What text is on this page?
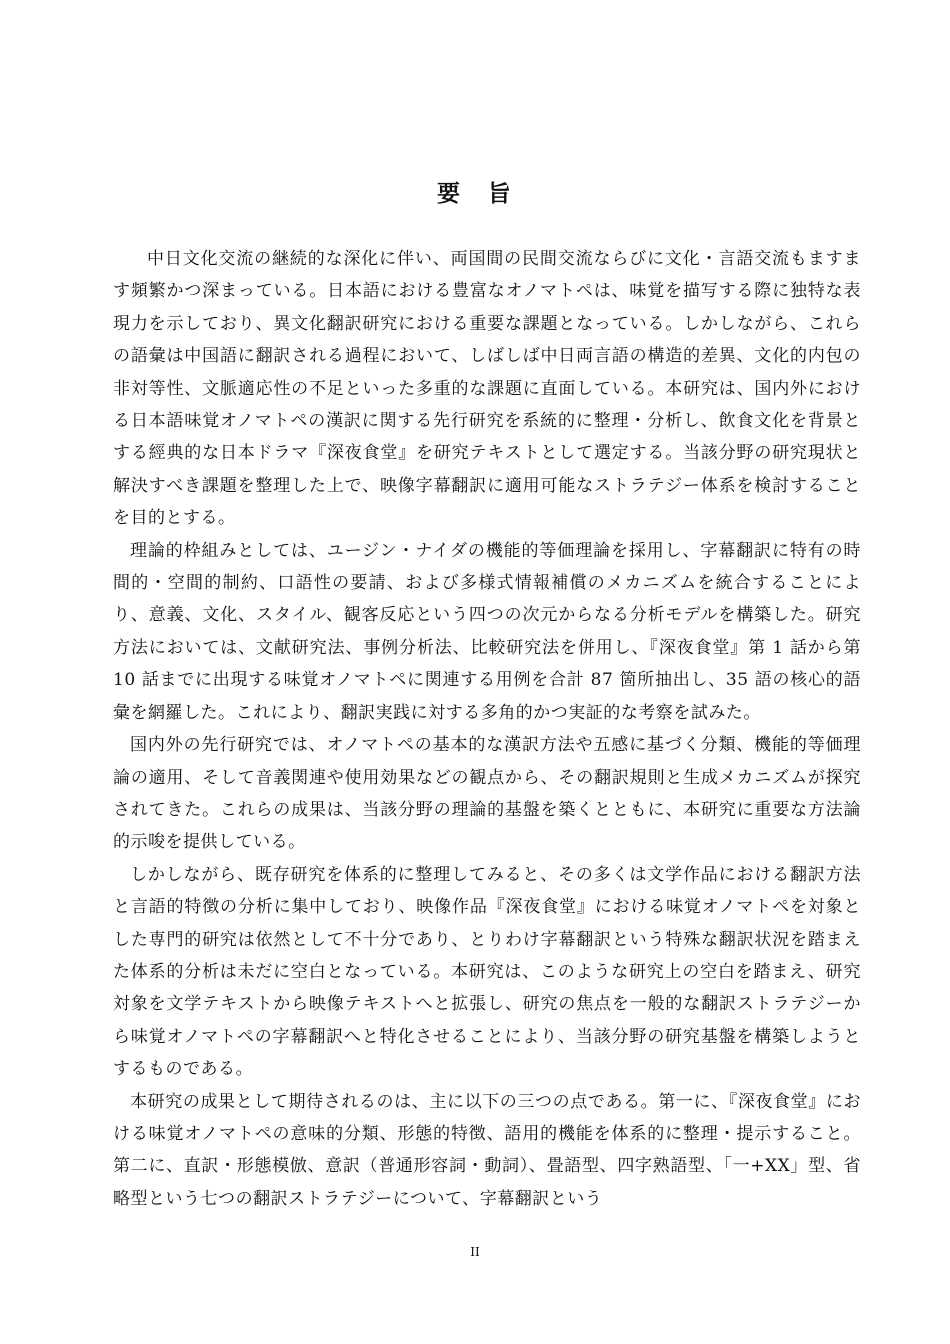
要　旨

中日文化交流の継続的な深化に伴い、両国間の民間交流ならびに文化・言語交流もますます頻繁かつ深まっている。日本語における豊富なオノマトペは、味覚を描写する際に独特な表現力を示しており、異文化翻訳研究における重要な課題となっている。しかしながら、これらの語彙は中国語に翻訳される過程において、しばしば中日両言語の構造的差異、文化的内包の非対等性、文脈適応性の不足といった多重的な課題に直面している。本研究は、国内外における日本語味覚オノマトペの漢訳に関する先行研究を系統的に整理・分析し、飲食文化を背景とする經典的な日本ドラマ『深夜食堂』を研究テキストとして選定する。当該分野の研究現状と解決すべき課題を整理した上で、映像字幕翻訳に適用可能なストラテジー体系を検討することを目的とする。

理論的枠組みとしては、ユージン・ナイダの機能的等価理論を採用し、字幕翻訳に特有の時間的・空間的制約、口語性の要請、および多様式情報補償のメカニズムを統合することにより、意義、文化、スタイル、観客反応という四つの次元からなる分析モデルを構築した。研究方法においては、文献研究法、事例分析法、比較研究法を併用し、『深夜食堂』第 1 話から第 10 話までに出現する味覚オノマトペに関連する用例を合計 87 箇所抽出し、35 語の核心的語彙を網羅した。これにより、翻訳実践に対する多角的かつ実証的な考察を試みた。

国内外の先行研究では、オノマトペの基本的な漢訳方法や五感に基づく分類、機能的等価理論の適用、そして音義関連や使用効果などの観点から、その翻訳規則と生成メカニズムが探究されてきた。これらの成果は、当該分野の理論的基盤を築くとともに、本研究に重要な方法論的示唆を提供している。

しかしながら、既存研究を体系的に整理してみると、その多くは文学作品における翻訳方法と言語的特徴の分析に集中しており、映像作品『深夜食堂』における味覚オノマトペを対象とした専門的研究は依然として不十分であり、とりわけ字幕翻訳という特殊な翻訳状況を踏まえた体系的分析は未だに空白となっている。本研究は、このような研究上の空白を踏まえ、研究対象を文学テキストから映像テキストへと拡張し、研究の焦点を一般的な翻訳ストラテジーから味覚オノマトペの字幕翻訳へと特化させることにより、当該分野の研究基盤を構築しようとするものである。

本研究の成果として期待されるのは、主に以下の三つの点である。第一に、『深夜食堂』における味覚オノマトペの意味的分類、形態的特徴、語用的機能を体系的に整理・提示すること。第二に、直訳・形態模倣、意訳（普通形容詞・動詞）、畳語型、四字熟語型、「一+XX」型、省略型という七つの翻訳ストラテジーについて、字幕翻訳という

II
